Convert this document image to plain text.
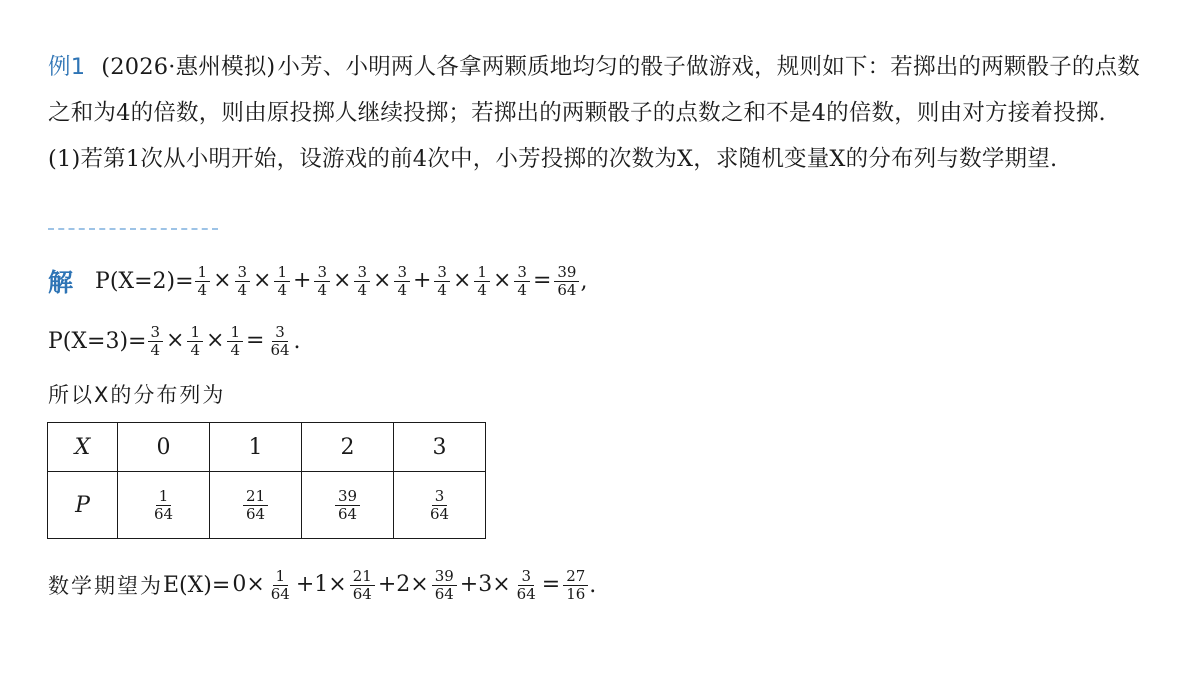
例1 (2026·惠州模拟)小芳、小明两人各拿两颗质地均匀的骰子做游戏，规则如下：若掷出的两颗骰子的点数之和为4的倍数，则由原投掷人继续投掷；若掷出的两颗骰子的点数之和不是4的倍数，则由对方接着投掷.

(1)若第1次从小明开始，设游戏的前4次中，小芳投掷的次数为X，求随机变量X的分布列与数学期望.

解 $P(X=2)= \frac{1}{4} \times \frac{3}{4} \times \frac{1}{4} + \frac{3}{4} \times \frac{3}{4} \times \frac{3}{4} + \frac{3}{4} \times \frac{1}{4} \times \frac{3}{4} = \frac{39}{64}$ ,
$P(X=3)= \frac{3}{4} \times \frac{1}{4} \times \frac{1}{4} = \frac{3}{64}$ .
所以X的分布列为
X	0	1	2	3
P	$\frac{1}{64}$	$\frac{21}{64}$	$\frac{39}{64}$	$\frac{3}{64}$
数学期望为 $E(X)= 0\times \frac{1}{64} +1\times \frac{21}{64} +2\times \frac{39}{64} +3\times \frac{3}{64} = \frac{27}{16}$ .
